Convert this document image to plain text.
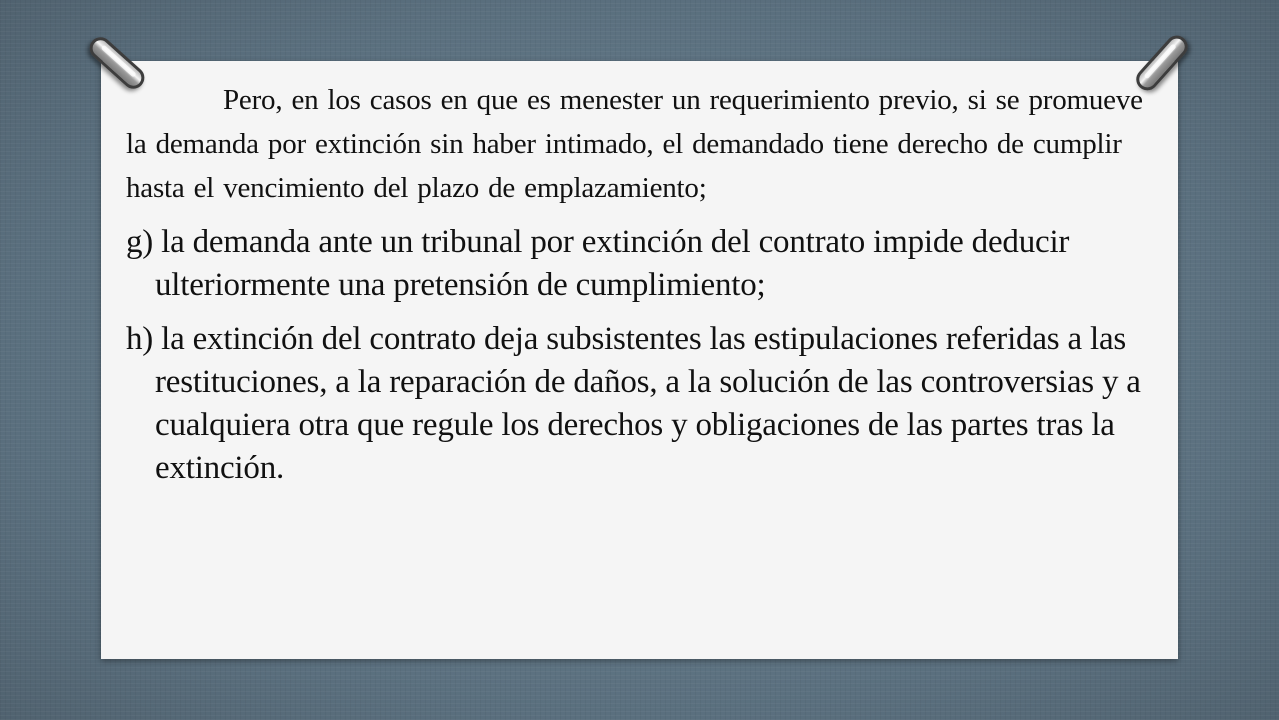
Pero, en los casos en que es menester un requerimiento previo, si se promueve la demanda por extinción sin haber intimado, el demandado tiene derecho de cumplir hasta el vencimiento del plazo de emplazamiento;

g) la demanda ante un tribunal por extinción del contrato impide deducir ulteriormente una pretensión de cumplimiento;

h) la extinción del contrato deja subsistentes las estipulaciones referidas a las restituciones, a la reparación de daños, a la solución de las controversias y a cualquiera otra que regule los derechos y obligaciones de las partes tras la extinción.
